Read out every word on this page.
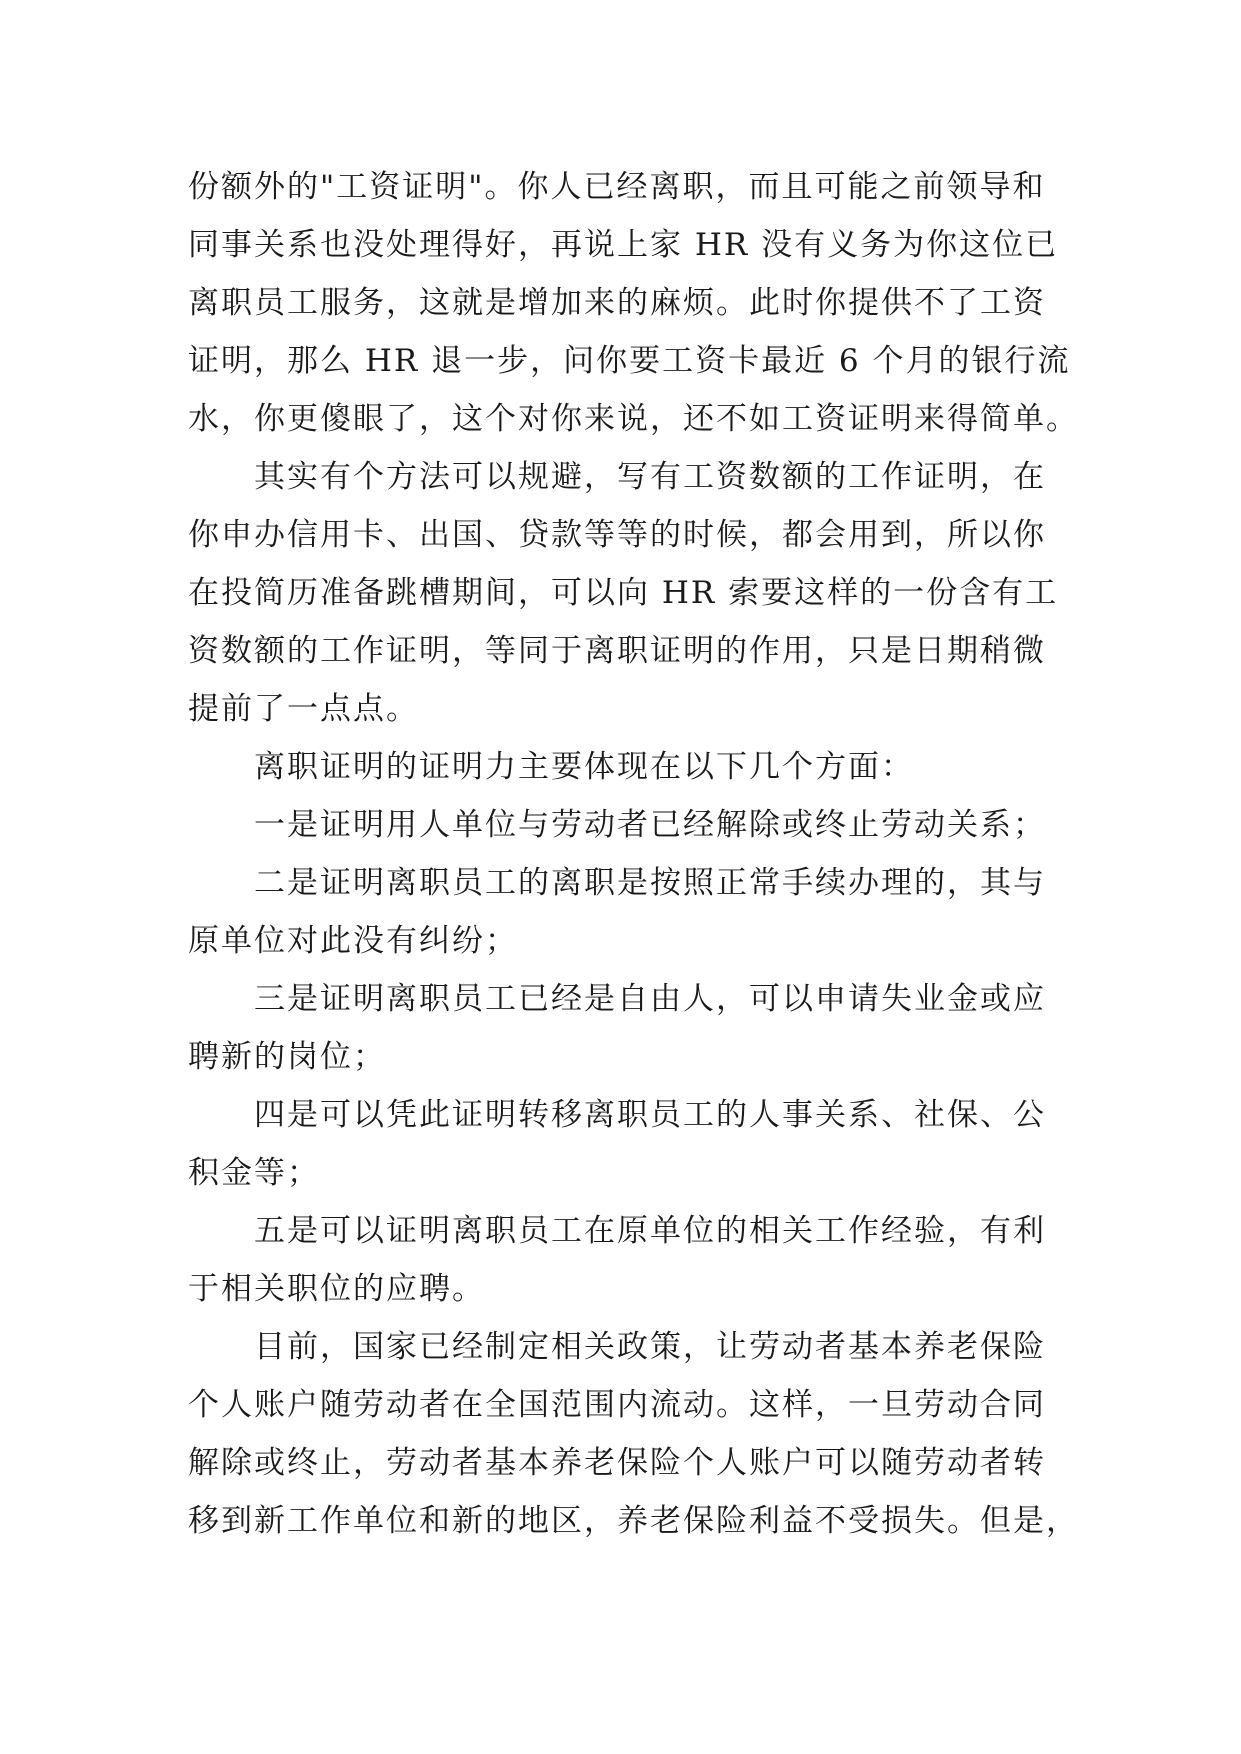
份额外的"工资证明"。你人已经离职，而且可能之前领导和
同事关系也没处理得好，再说上家 HR 没有义务为你这位已
离职员工服务，这就是增加来的麻烦。此时你提供不了工资
证明，那么 HR 退一步，问你要工资卡最近 6 个月的银行流
水，你更傻眼了，这个对你来说，还不如工资证明来得简单。
其实有个方法可以规避，写有工资数额的工作证明，在
你申办信用卡、出国、贷款等等的时候，都会用到，所以你
在投简历准备跳槽期间，可以向 HR 索要这样的一份含有工
资数额的工作证明，等同于离职证明的作用，只是日期稍微
提前了一点点。
离职证明的证明力主要体现在以下几个方面：
一是证明用人单位与劳动者已经解除或终止劳动关系；
二是证明离职员工的离职是按照正常手续办理的，其与
原单位对此没有纠纷；
三是证明离职员工已经是自由人，可以申请失业金或应
聘新的岗位；
四是可以凭此证明转移离职员工的人事关系、社保、公
积金等；
五是可以证明离职员工在原单位的相关工作经验，有利
于相关职位的应聘。
目前，国家已经制定相关政策，让劳动者基本养老保险
个人账户随劳动者在全国范围内流动。这样，一旦劳动合同
解除或终止，劳动者基本养老保险个人账户可以随劳动者转
移到新工作单位和新的地区，养老保险利益不受损失。但是，
